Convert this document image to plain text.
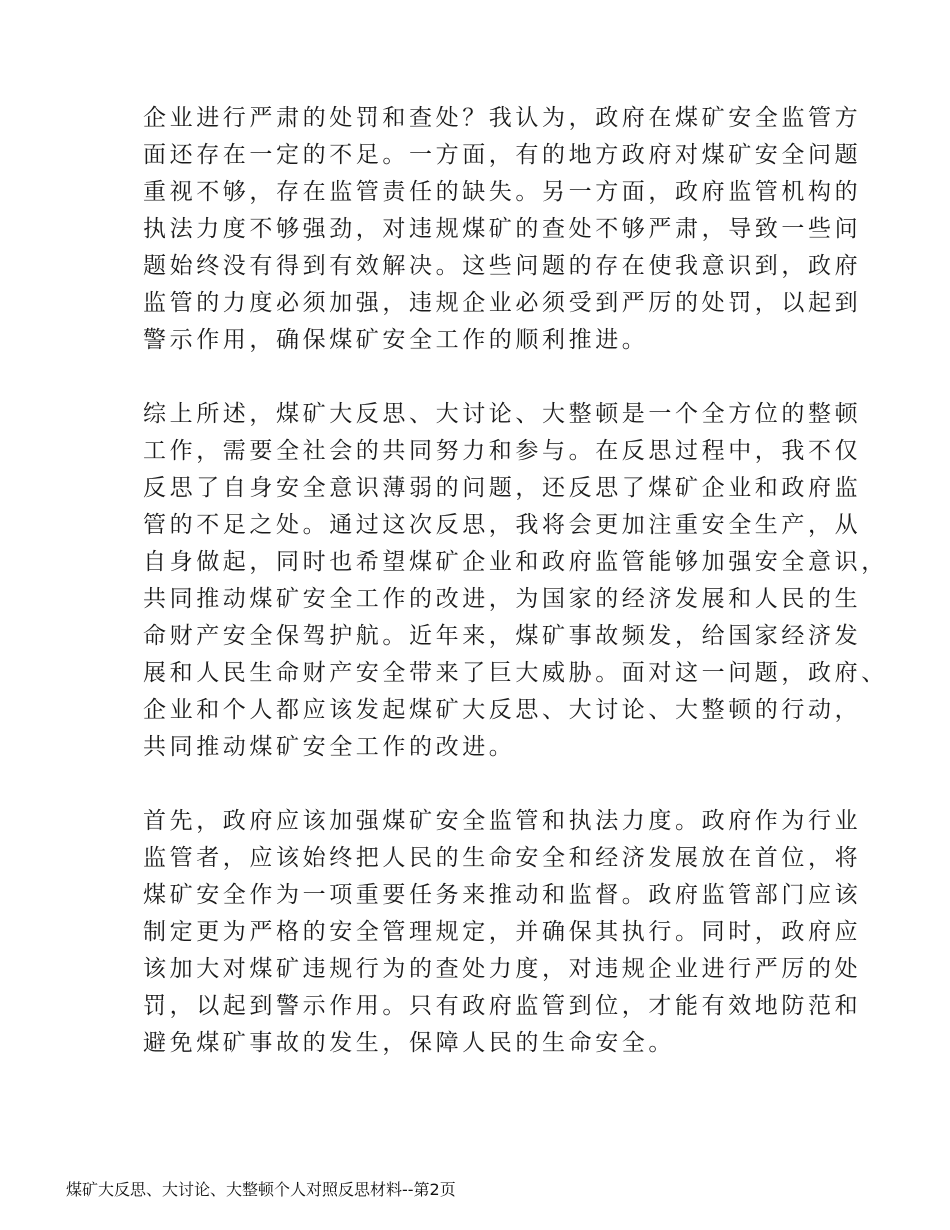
企业进行严肃的处罚和查处？我认为，政府在煤矿安全监管方
面还存在一定的不足。一方面，有的地方政府对煤矿安全问题
重视不够，存在监管责任的缺失。另一方面，政府监管机构的
执法力度不够强劲，对违规煤矿的查处不够严肃，导致一些问
题始终没有得到有效解决。这些问题的存在使我意识到，政府
监管的力度必须加强，违规企业必须受到严厉的处罚，以起到
警示作用，确保煤矿安全工作的顺利推进。
综上所述，煤矿大反思、大讨论、大整顿是一个全方位的整顿
工作，需要全社会的共同努力和参与。在反思过程中，我不仅
反思了自身安全意识薄弱的问题，还反思了煤矿企业和政府监
管的不足之处。通过这次反思，我将会更加注重安全生产，从
自身做起，同时也希望煤矿企业和政府监管能够加强安全意识，
共同推动煤矿安全工作的改进，为国家的经济发展和人民的生
命财产安全保驾护航。近年来，煤矿事故频发，给国家经济发
展和人民生命财产安全带来了巨大威胁。面对这一问题，政府、
企业和个人都应该发起煤矿大反思、大讨论、大整顿的行动，
共同推动煤矿安全工作的改进。
首先，政府应该加强煤矿安全监管和执法力度。政府作为行业
监管者，应该始终把人民的生命安全和经济发展放在首位，将
煤矿安全作为一项重要任务来推动和监督。政府监管部门应该
制定更为严格的安全管理规定，并确保其执行。同时，政府应
该加大对煤矿违规行为的查处力度，对违规企业进行严厉的处
罚，以起到警示作用。只有政府监管到位，才能有效地防范和
避免煤矿事故的发生，保障人民的生命安全。
煤矿大反思、大讨论、大整顿个人对照反思材料--第2页
